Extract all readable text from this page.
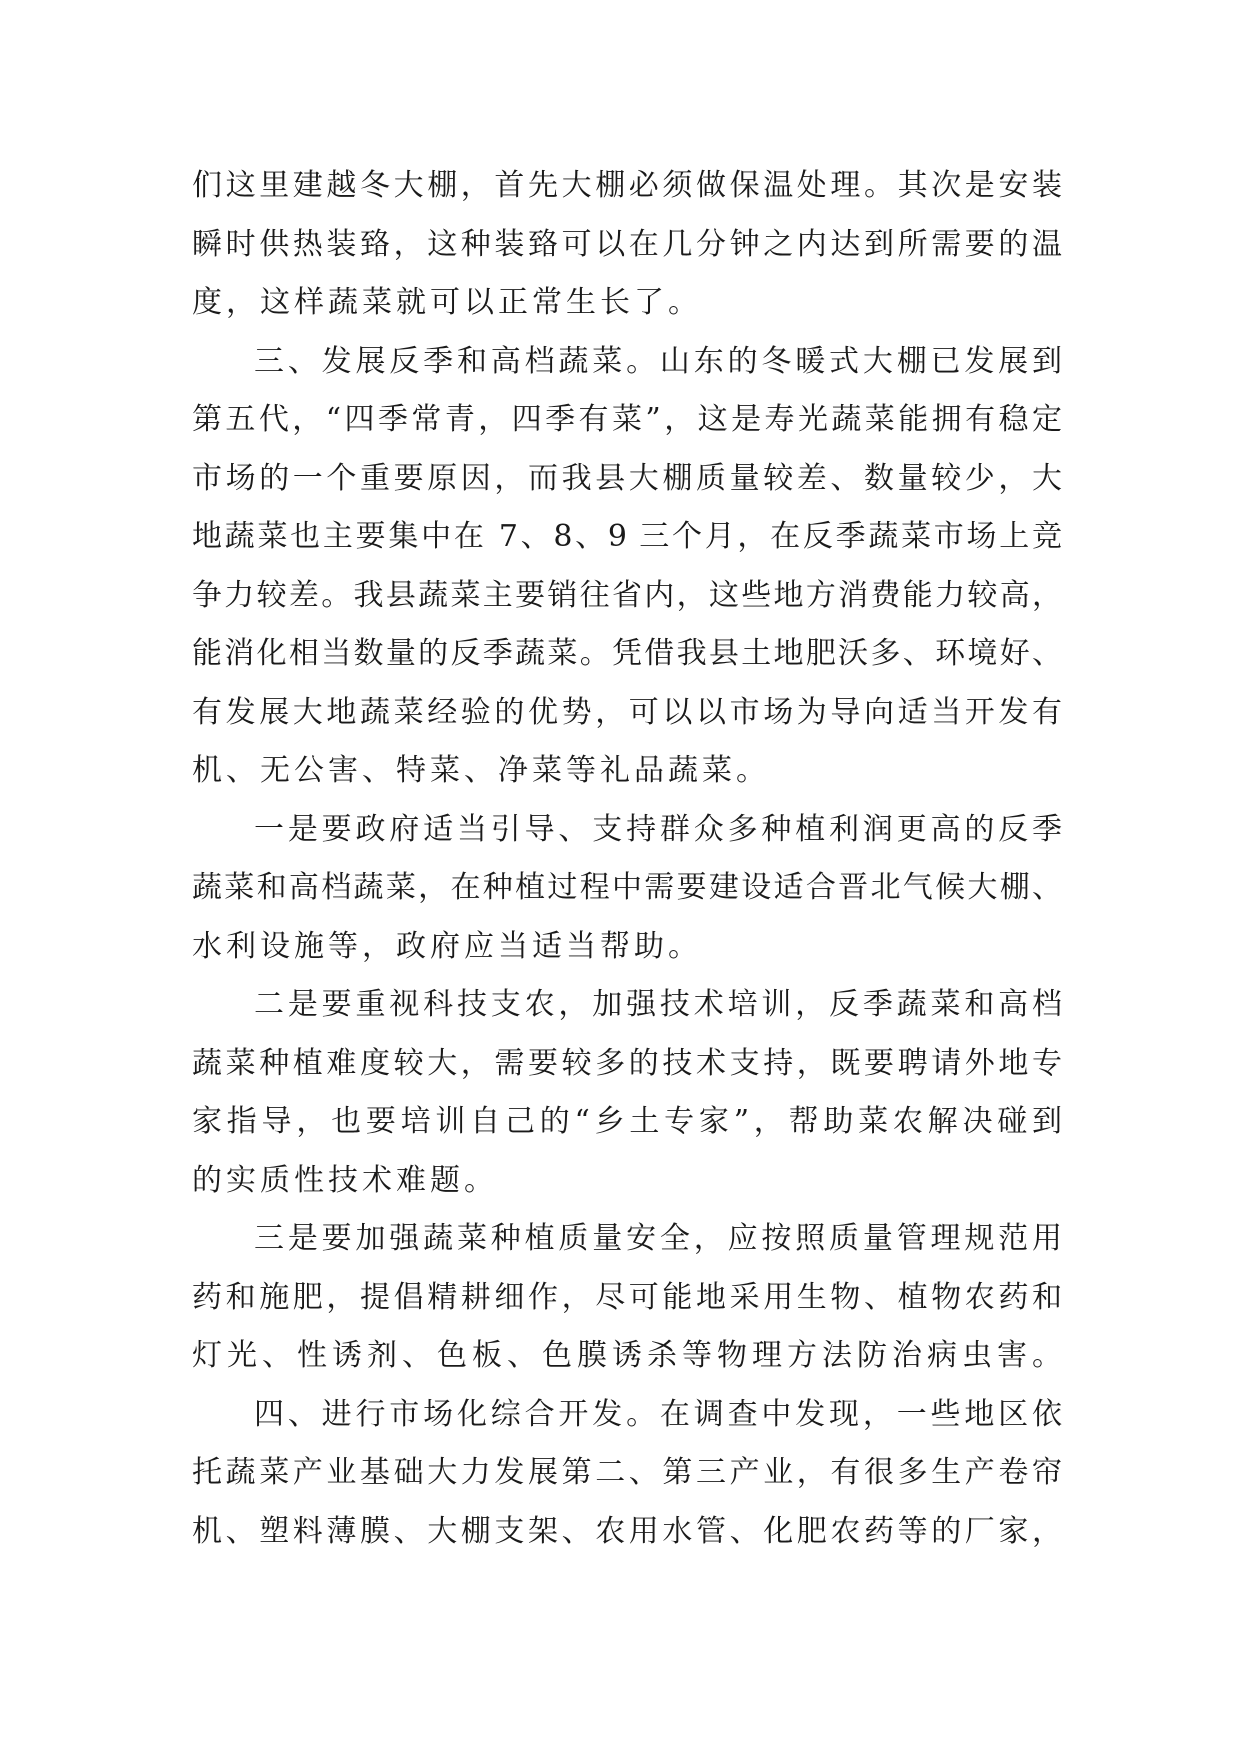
们这里建越冬大棚，首先大棚必须做保温处理。其次是安装
瞬时供热装臵，这种装臵可以在几分钟之内达到所需要的温
度，这样蔬菜就可以正常生长了。
三、发展反季和高档蔬菜。山东的冬暖式大棚已发展到
第五代，“四季常青，四季有菜”，这是寿光蔬菜能拥有稳定
市场的一个重要原因，而我县大棚质量较差、数量较少，大
地蔬菜也主要集中在 7、8、9 三个月，在反季蔬菜市场上竞
争力较差。我县蔬菜主要销往省内，这些地方消费能力较高，
能消化相当数量的反季蔬菜。凭借我县土地肥沃多、环境好、
有发展大地蔬菜经验的优势，可以以市场为导向适当开发有
机、无公害、特菜、净菜等礼品蔬菜。
一是要政府适当引导、支持群众多种植利润更高的反季
蔬菜和高档蔬菜，在种植过程中需要建设适合晋北气候大棚、
水利设施等，政府应当适当帮助。
二是要重视科技支农，加强技术培训，反季蔬菜和高档
蔬菜种植难度较大，需要较多的技术支持，既要聘请外地专
家指导，也要培训自己的“乡土专家”，帮助菜农解决碰到
的实质性技术难题。
三是要加强蔬菜种植质量安全，应按照质量管理规范用
药和施肥，提倡精耕细作，尽可能地采用生物、植物农药和
灯光、性诱剂、色板、色膜诱杀等物理方法防治病虫害。
四、进行市场化综合开发。在调查中发现，一些地区依
托蔬菜产业基础大力发展第二、第三产业，有很多生产卷帘
机、塑料薄膜、大棚支架、农用水管、化肥农药等的厂家，
